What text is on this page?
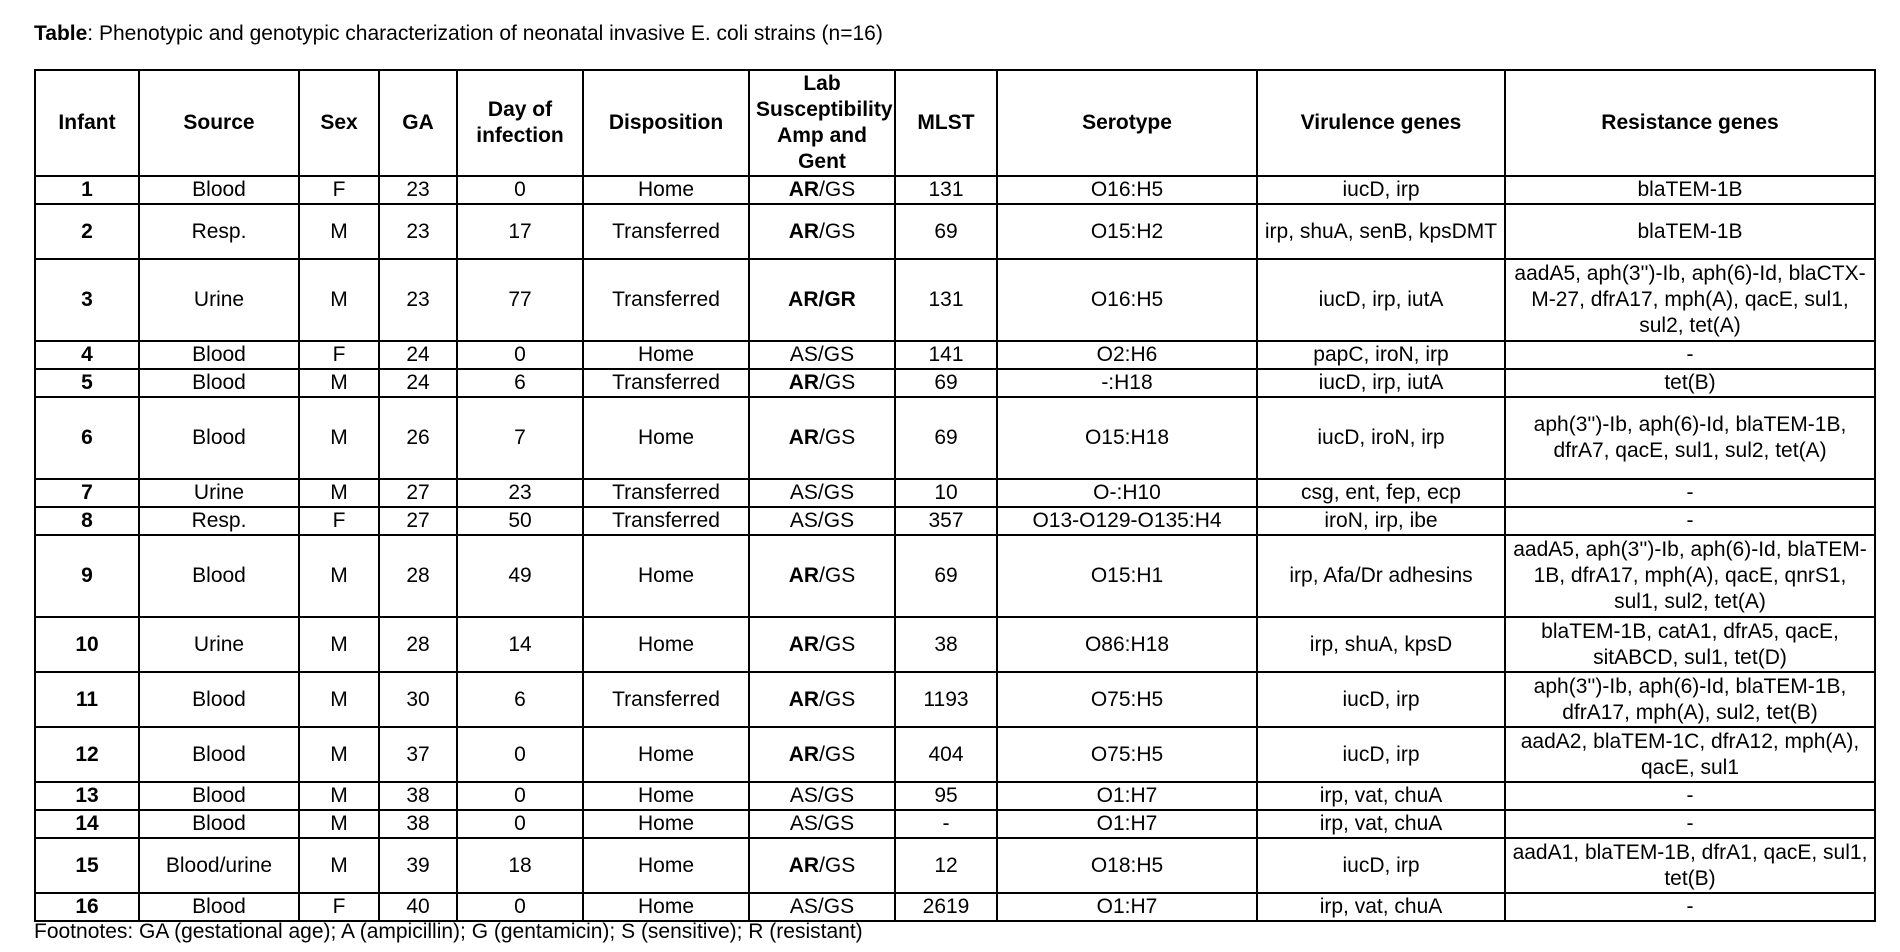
Table: Phenotypic and genotypic characterization of neonatal invasive E. coli strains (n=16)
Infant	Source	Sex	GA	Day of infection	Disposition	Lab Susceptibility Amp and Gent	MLST	Serotype	Virulence genes	Resistance genes
1	Blood	F	23	0	Home	AR/GS	131	O16:H5	iucD, irp	blaTEM-1B
2	Resp.	M	23	17	Transferred	AR/GS	69	O15:H2	irp, shuA, senB, kpsDMT	blaTEM-1B
3	Urine	M	23	77	Transferred	AR/GR	131	O16:H5	iucD, irp, iutA	aadA5, aph(3'')-Ib, aph(6)-Id, blaCTX-M-27, dfrA17, mph(A), qacE, sul1, sul2, tet(A)
4	Blood	F	24	0	Home	AS/GS	141	O2:H6	papC, iroN, irp	-
5	Blood	M	24	6	Transferred	AR/GS	69	-:H18	iucD, irp, iutA	tet(B)
6	Blood	M	26	7	Home	AR/GS	69	O15:H18	iucD, iroN, irp	aph(3'')-Ib, aph(6)-Id, blaTEM-1B, dfrA7, qacE, sul1, sul2, tet(A)
7	Urine	M	27	23	Transferred	AS/GS	10	O-:H10	csg, ent, fep, ecp	-
8	Resp.	F	27	50	Transferred	AS/GS	357	O13-O129-O135:H4	iroN, irp, ibe	-
9	Blood	M	28	49	Home	AR/GS	69	O15:H1	irp, Afa/Dr adhesins	aadA5, aph(3'')-Ib, aph(6)-Id, blaTEM-1B, dfrA17, mph(A), qacE, qnrS1, sul1, sul2, tet(A)
10	Urine	M	28	14	Home	AR/GS	38	O86:H18	irp, shuA, kpsD	blaTEM-1B, catA1, dfrA5, qacE, sitABCD, sul1, tet(D)
11	Blood	M	30	6	Transferred	AR/GS	1193	O75:H5	iucD, irp	aph(3'')-Ib, aph(6)-Id, blaTEM-1B, dfrA17, mph(A), sul2, tet(B)
12	Blood	M	37	0	Home	AR/GS	404	O75:H5	iucD, irp	aadA2, blaTEM-1C, dfrA12, mph(A), qacE, sul1
13	Blood	M	38	0	Home	AS/GS	95	O1:H7	irp, vat, chuA	-
14	Blood	M	38	0	Home	AS/GS	-	O1:H7	irp, vat, chuA	-
15	Blood/urine	M	39	18	Home	AR/GS	12	O18:H5	iucD, irp	aadA1, blaTEM-1B, dfrA1, qacE, sul1, tet(B)
16	Blood	F	40	0	Home	AS/GS	2619	O1:H7	irp, vat, chuA	-
Footnotes: GA (gestational age); A (ampicillin); G (gentamicin); S (sensitive); R (resistant)
